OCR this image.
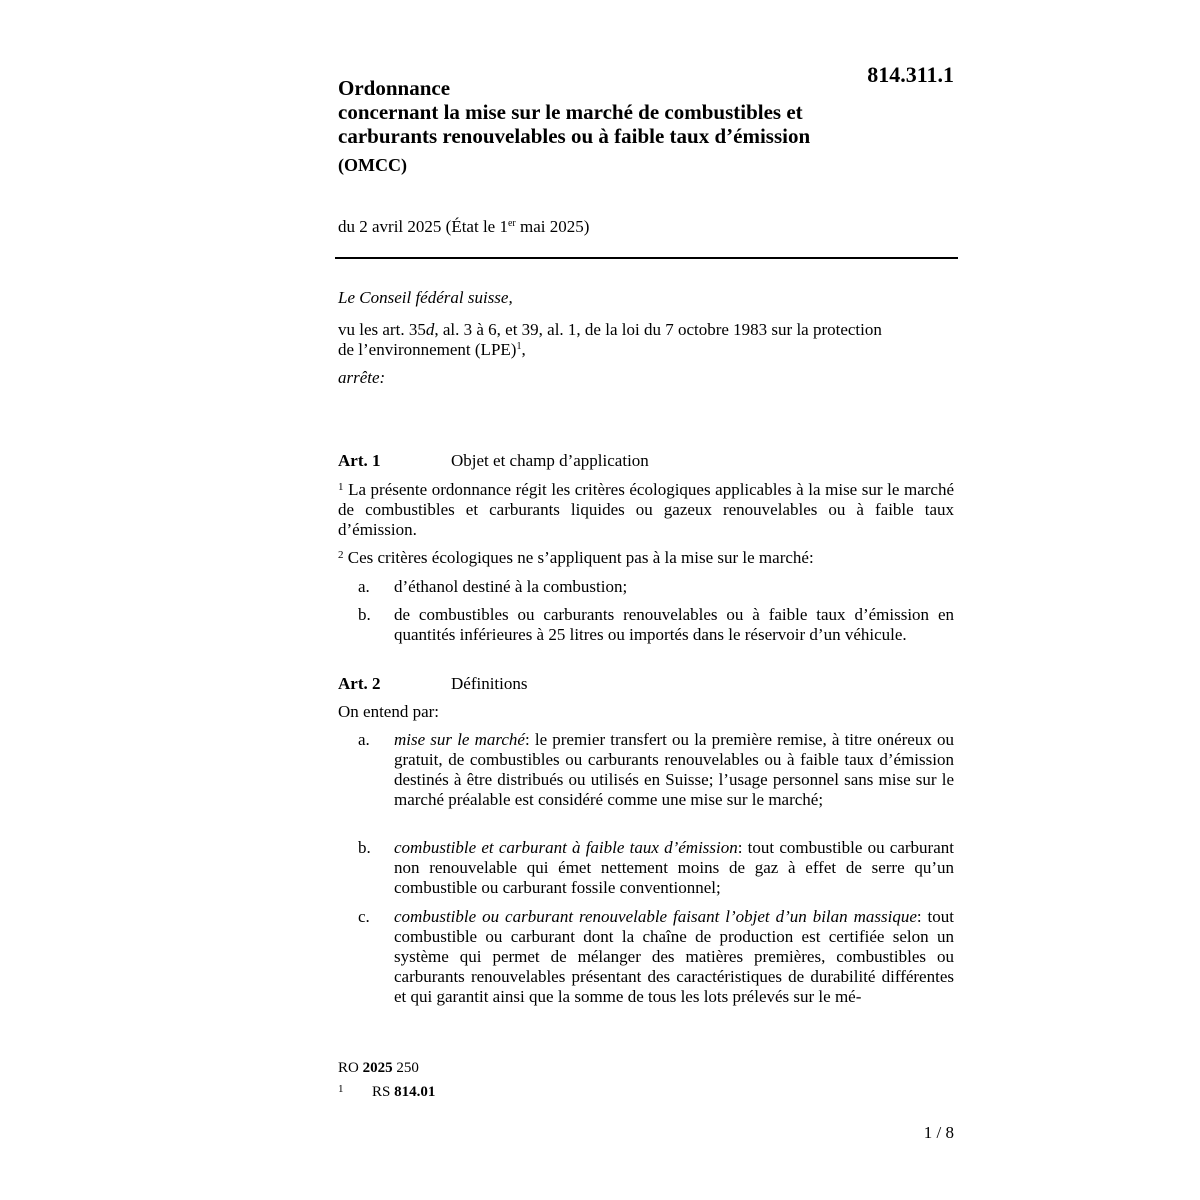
814.311.1
Ordonnance
concernant la mise sur le marché de combustibles et
carburants renouvelables ou à faible taux d’émission
(OMCC)
du 2 avril 2025 (État le 1er mai 2025)
Le Conseil fédéral suisse,
vu les art. 35d, al. 3 à 6, et 39, al. 1, de la loi du 7 octobre 1983 sur la protection
de l’environnement (LPE)$^1$,
arrête:
Art. 1	Objet et champ d’application
$^1$ La présente ordonnance régit les critères écologiques applicables à la mise sur le marché de combustibles et carburants liquides ou gazeux renouvelables ou à faible taux d’émission.
$^2$ Ces critères écologiques ne s’appliquent pas à la mise sur le marché:
a.	d’éthanol destiné à la combustion;
b.	de combustibles ou carburants renouvelables ou à faible taux d’émission en quantités inférieures à 25 litres ou importés dans le réservoir d’un véhicule.
Art. 2	Définitions
On entend par:
a.	mise sur le marché: le premier transfert ou la première remise, à titre onéreux ou gratuit, de combustibles ou carburants renouvelables ou à faible taux d’émission destinés à être distribués ou utilisés en Suisse; l’usage personnel sans mise sur le marché préalable est considéré comme une mise sur le marché;
b.	combustible et carburant à faible taux d’émission: tout combustible ou carburant non renouvelable qui émet nettement moins de gaz à effet de serre qu’un combustible ou carburant fossile conventionnel;
c.	combustible ou carburant renouvelable faisant l’objet d’un bilan massique: tout combustible ou carburant dont la chaîne de production est certifiée selon un système qui permet de mélanger des matières premières, combustibles ou carburants renouvelables présentant des caractéristiques de durabilité différentes et qui garantit ainsi que la somme de tous les lots prélevés sur le mé-
RO 2025 250
1 RS 814.01
1 / 8
